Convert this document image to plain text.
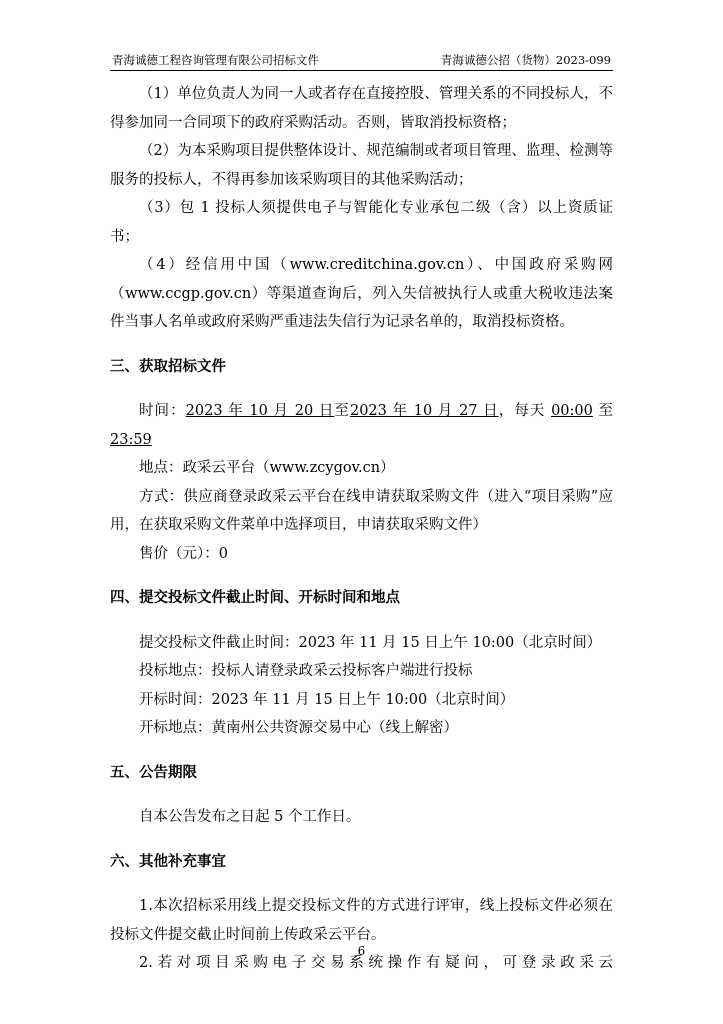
青海诚德工程咨询管理有限公司招标文件	青海诚德公招（货物）2023-099

（1）单位负责人为同一人或者存在直接控股、管理关系的不同投标人，不得参加同一合同项下的政府采购活动。否则，皆取消投标资格；

（2）为本采购项目提供整体设计、规范编制或者项目管理、监理、检测等服务的投标人，不得再参加该采购项目的其他采购活动；

（3）包 1 投标人须提供电子与智能化专业承包二级（含）以上资质证书；

（4）经信用中国（www.creditchina.gov.cn）、中国政府采购网

（www.ccgp.gov.cn）等渠道查询后，列入失信被执行人或重大税收违法案件当事人名单或政府采购严重违法失信行为记录名单的，取消投标资格。

三、获取招标文件

时间：2023 年 10 月 20 日至2023 年 10 月 27 日，每天 00:00 至 23:59

地点：政采云平台（www.zcygov.cn）

方式：供应商登录政采云平台在线申请获取采购文件（进入“项目采购”应用，在获取采购文件菜单中选择项目，申请获取采购文件）

售价（元）：0

四、提交投标文件截止时间、开标时间和地点

提交投标文件截止时间：2023 年 11 月 15 日上午 10:00（北京时间）

投标地点：投标人请登录政采云投标客户端进行投标

开标时间：2023 年 11 月 15 日上午 10:00（北京时间）

开标地点：黄南州公共资源交易中心（线上解密）

五、公告期限

自本公告发布之日起 5 个工作日。

六、其他补充事宜

1.本次招标采用线上提交投标文件的方式进行评审，线上投标文件必须在投标文件提交截止时间前上传政采云平台。

2.若对项目采购电子交易系统操作有疑问，可登录政采云

6
